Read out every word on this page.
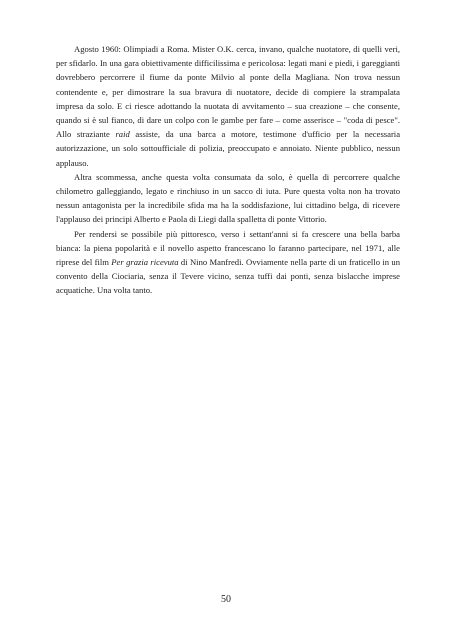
Agosto 1960: Olimpiadi a Roma. Mister O.K. cerca, invano, qualche nuotatore, di quelli veri, per sfidarlo. In una gara obiettivamente difficilissima e pericolosa: legati mani e piedi, i gareggianti dovrebbero percorrere il fiume da ponte Milvio al ponte della Magliana. Non trova nessun contendente e, per dimostrare la sua bravura di nuotatore, decide di compiere la strampalata impresa da solo. E ci riesce adottando la nuotata di avvitamento – sua creazione – che consente, quando si è sul fianco, di dare un colpo con le gambe per fare – come asserisce – "coda di pesce". Allo straziante raid assiste, da una barca a motore, testimone d'ufficio per la necessaria autorizzazione, un solo sottoufficiale di polizia, preoccupato e annoiato. Niente pubblico, nessun applauso.

Altra scommessa, anche questa volta consumata da solo, è quella di percorrere qualche chilometro galleggiando, legato e rinchiuso in un sacco di iuta. Pure questa volta non ha trovato nessun antagonista per la incredibile sfida ma ha la soddisfazione, lui cittadino belga, di ricevere l'applauso dei principi Alberto e Paola di Liegi dalla spalletta di ponte Vittorio.

Per rendersi se possibile più pittoresco, verso i settant'anni si fa crescere una bella barba bianca: la piena popolarità e il novello aspetto francescano lo faranno partecipare, nel 1971, alle riprese del film Per grazia ricevuta di Nino Manfredi. Ovviamente nella parte di un fraticello in un convento della Ciociaria, senza il Tevere vicino, senza tuffi dai ponti, senza bislacche imprese acquatiche. Una volta tanto.

50
